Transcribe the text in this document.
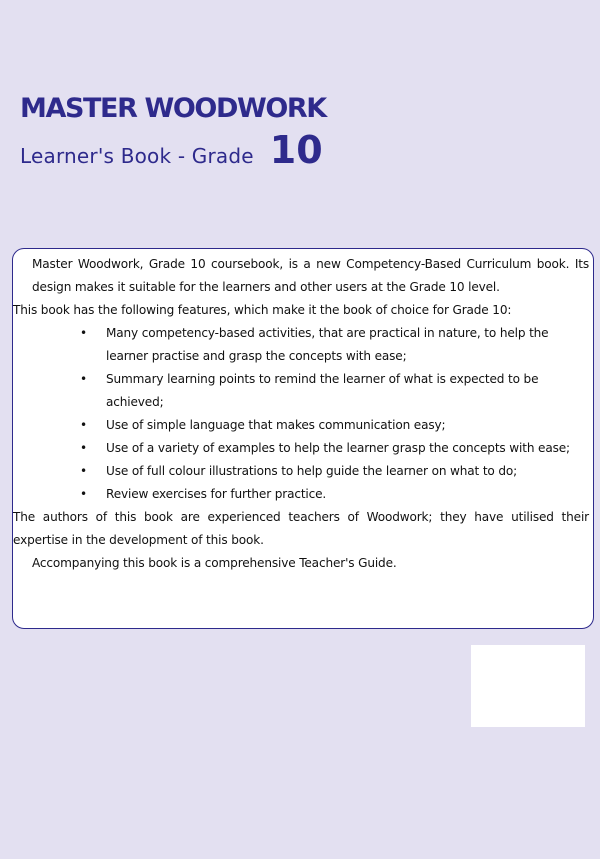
MASTER WOODWORK
Learner's Book - Grade 10

Master Woodwork, Grade 10 coursebook, is a new Competency-Based Curriculum book. Its design makes it suitable for the learners and other users at the Grade 10 level.

This book has the following features, which make it the book of choice for Grade 10:

• Many competency-based activities, that are practical in nature, to help the learner practise and grasp the concepts with ease;
• Summary learning points to remind the learner of what is expected to be achieved;
• Use of simple language that makes communication easy;
• Use of a variety of examples to help the learner grasp the concepts with ease;
• Use of full colour illustrations to help guide the learner on what to do;
• Review exercises for further practice.

The authors of this book are experienced teachers of Woodwork; they have utilised their expertise in the development of this book.

Accompanying this book is a comprehensive Teacher's Guide.
